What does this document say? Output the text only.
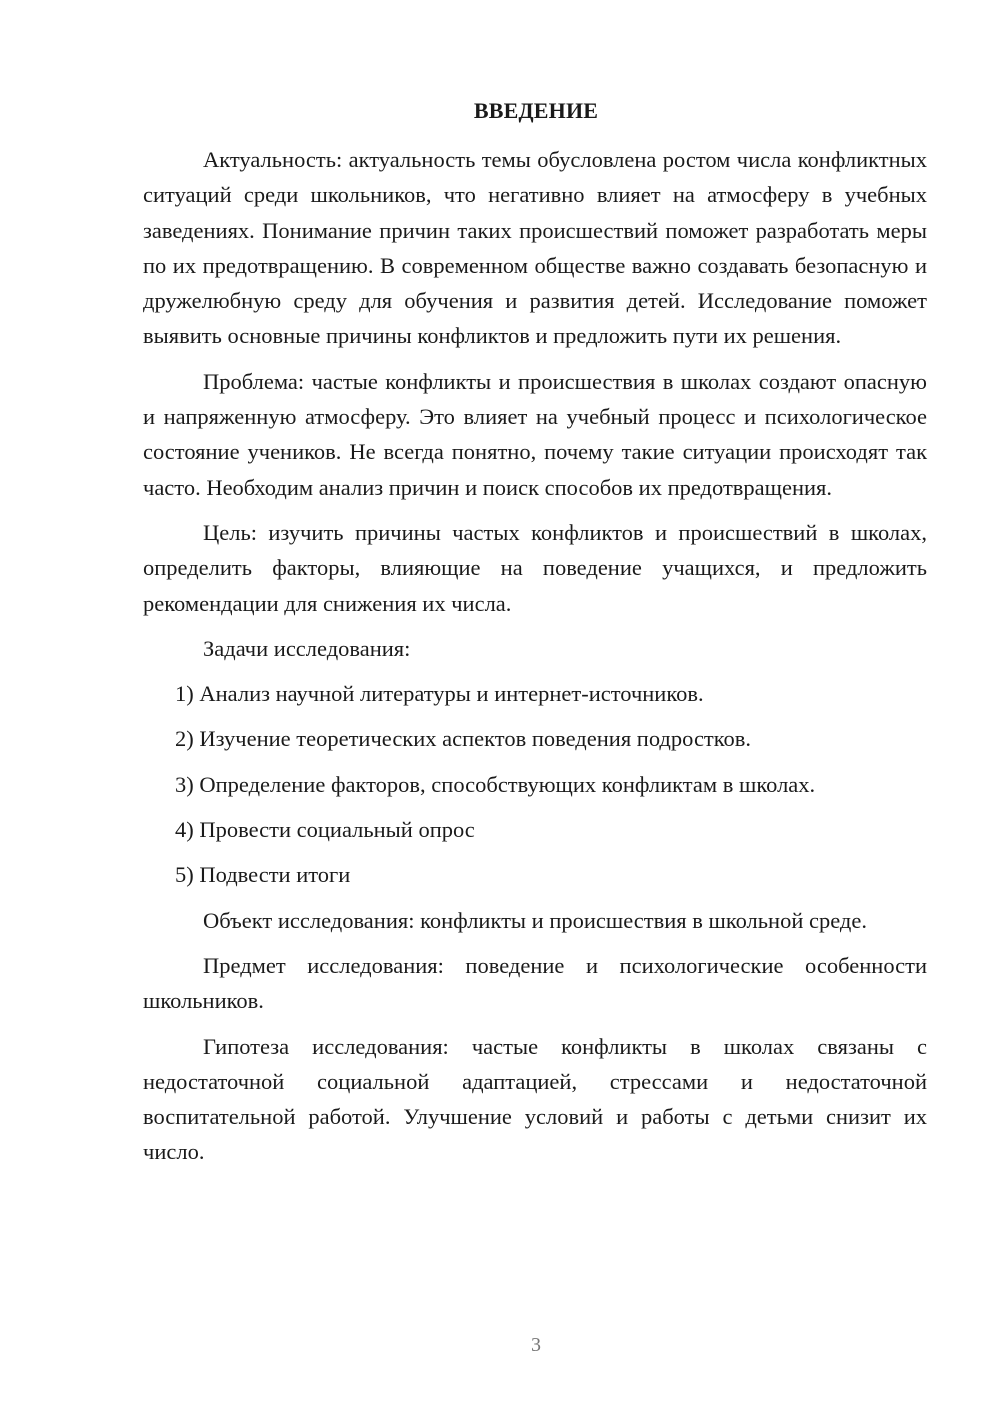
ВВЕДЕНИЕ

Актуальность: актуальность темы обусловлена ростом числа конфликтных ситуаций среди школьников, что негативно влияет на атмосферу в учебных заведениях. Понимание причин таких происшествий поможет разработать меры по их предотвращению. В современном обществе важно создавать безопасную и дружелюбную среду для обучения и развития детей. Исследование поможет выявить основные причины конфликтов и предложить пути их решения.

Проблема: частые конфликты и происшествия в школах создают опасную и напряженную атмосферу. Это влияет на учебный процесс и психологическое состояние учеников. Не всегда понятно, почему такие ситуации происходят так часто. Необходим анализ причин и поиск способов их предотвращения.

Цель: изучить причины частых конфликтов и происшествий в школах, определить факторы, влияющие на поведение учащихся, и предложить рекомендации для снижения их числа.

Задачи исследования:

1) Анализ научной литературы и интернет-источников.
2) Изучение теоретических аспектов поведения подростков.
3) Определение факторов, способствующих конфликтам в школах.
4) Провести социальный опрос
5) Подвести итоги

Объект исследования: конфликты и происшествия в школьной среде.

Предмет исследования: поведение и психологические особенности школьников.

Гипотеза исследования: частые конфликты в школах связаны с недостаточной социальной адаптацией, стрессами и недостаточной воспитательной работой. Улучшение условий и работы с детьми снизит их число.

3
